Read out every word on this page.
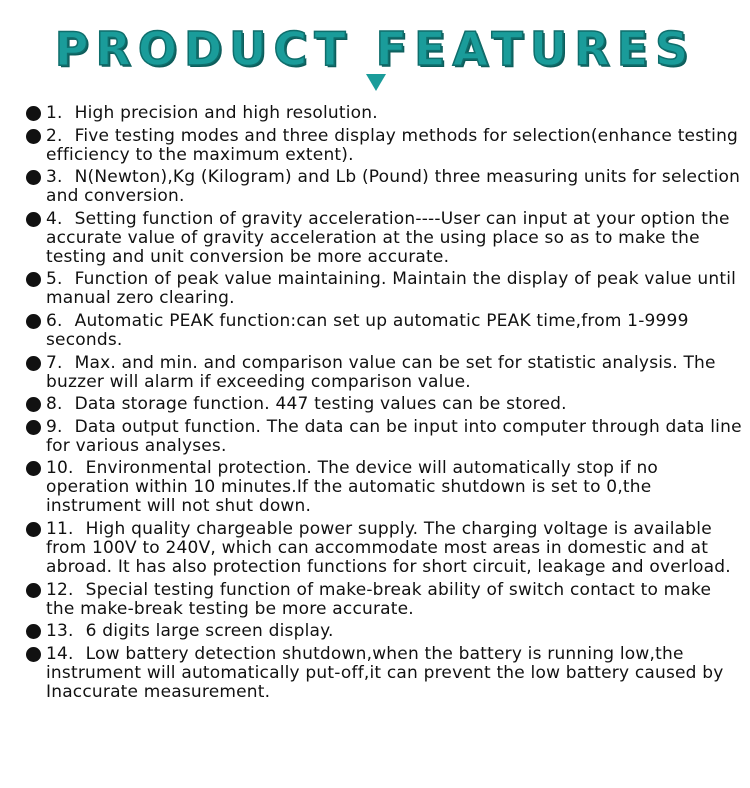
PRODUCT FEATURES
1. High precision and high resolution.
2. Five testing modes and three display methods for selection(enhance testing efficiency to the maximum extent).
3. N(Newton),Kg (Kilogram) and Lb (Pound) three measuring units for selection and conversion.
4. Setting function of gravity acceleration----User can input at your option the accurate value of gravity acceleration at the using place so as to make the testing and unit conversion be more accurate.
5. Function of peak value maintaining. Maintain the display of peak value until manual zero clearing.
6. Automatic PEAK function:can set up automatic PEAK time,from 1-9999 seconds.
7. Max. and min. and comparison value can be set for statistic analysis. The buzzer will alarm if exceeding comparison value.
8. Data storage function. 447 testing values can be stored.
9. Data output function. The data can be input into computer through data line for various analyses.
10. Environmental protection. The device will automatically stop if no operation within 10 minutes.If the automatic shutdown is set to 0,the instrument will not shut down.
11. High quality chargeable power supply. The charging voltage is available from 100V to 240V, which can accommodate most areas in domestic and at abroad. It has also protection functions for short circuit, leakage and overload.
12. Special testing function of make-break ability of switch contact to make the make-break testing be more accurate.
13. 6 digits large screen display.
14. Low battery detection shutdown,when the battery is running low,the instrument will automatically put-off,it can prevent the low battery caused by Inaccurate measurement.
